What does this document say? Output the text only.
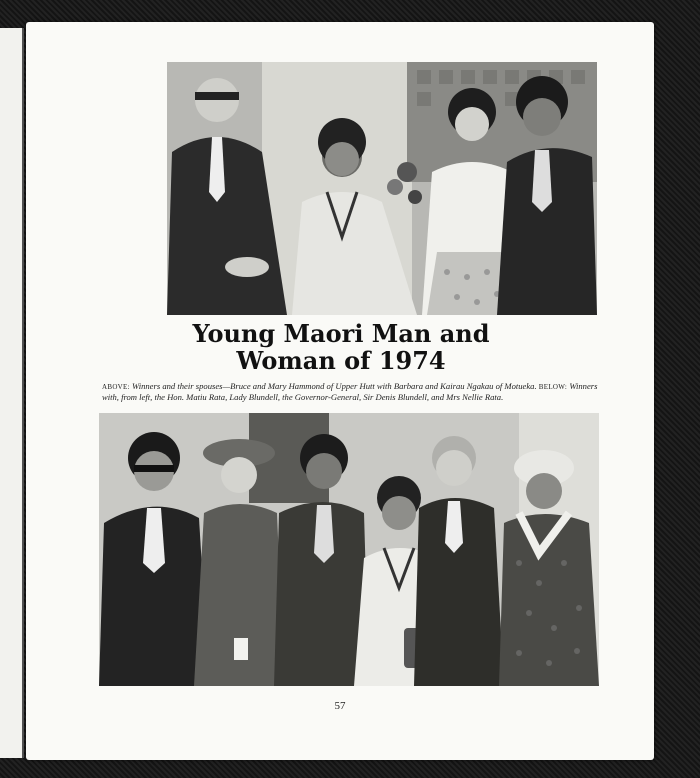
Young Maori Man and
Woman of 1974

ABOVE: Winners and their spouses—Bruce and Mary Hammond of Upper Hutt with Barbara and Kairau Ngakau of Motueka. BELOW: Winners with, from left, the Hon. Matiu Rata, Lady Blundell, the Governor-General, Sir Denis Blundell, and Mrs Nellie Rata.

57
